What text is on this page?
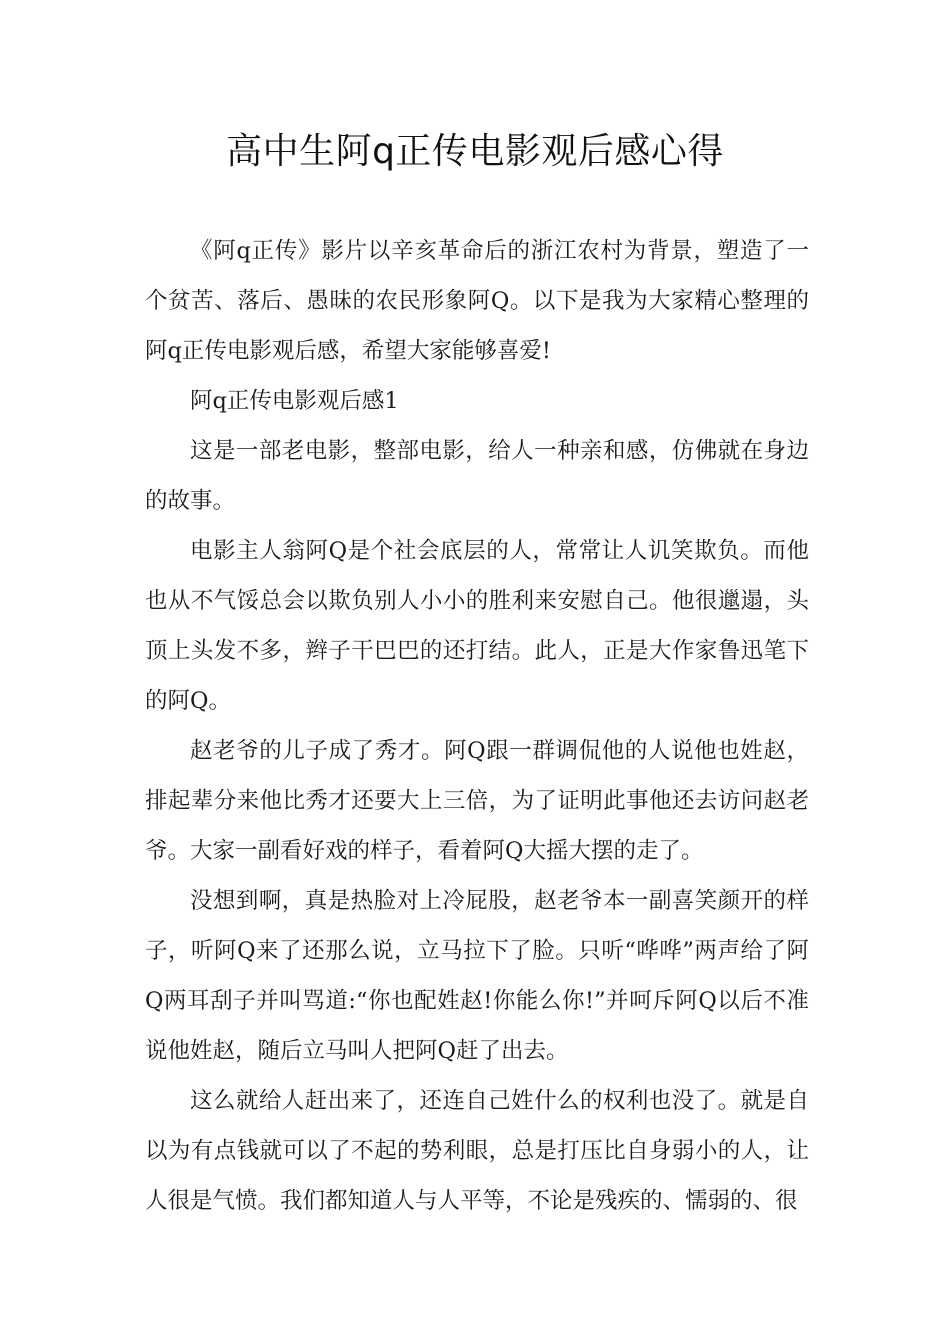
高中生阿q正传电影观后感心得

《阿q正传》影片以辛亥革命后的浙江农村为背景，塑造了一个贫苦、落后、愚昧的农民形象阿Q。以下是我为大家精心整理的阿q正传电影观后感，希望大家能够喜爱!

阿q正传电影观后感1

这是一部老电影，整部电影，给人一种亲和感，仿佛就在身边的故事。

电影主人翁阿Q是个社会底层的人，常常让人讥笑欺负。而他也从不气馁总会以欺负别人小小的胜利来安慰自己。他很邋遢，头顶上头发不多，辫子干巴巴的还打结。此人，正是大作家鲁迅笔下的阿Q。

赵老爷的儿子成了秀才。阿Q跟一群调侃他的人说他也姓赵，排起辈分来他比秀才还要大上三倍，为了证明此事他还去访问赵老爷。大家一副看好戏的样子，看着阿Q大摇大摆的走了。

没想到啊，真是热脸对上冷屁股，赵老爷本一副喜笑颜开的样子，听阿Q来了还那么说，立马拉下了脸。只听“哗哗”两声给了阿Q两耳刮子并叫骂道:“你也配姓赵!你能么你!”并呵斥阿Q以后不准说他姓赵，随后立马叫人把阿Q赶了出去。

这么就给人赶出来了，还连自己姓什么的权利也没了。就是自以为有点钱就可以了不起的势利眼，总是打压比自身弱小的人，让人很是气愤。我们都知道人与人平等，不论是残疾的、懦弱的、很
